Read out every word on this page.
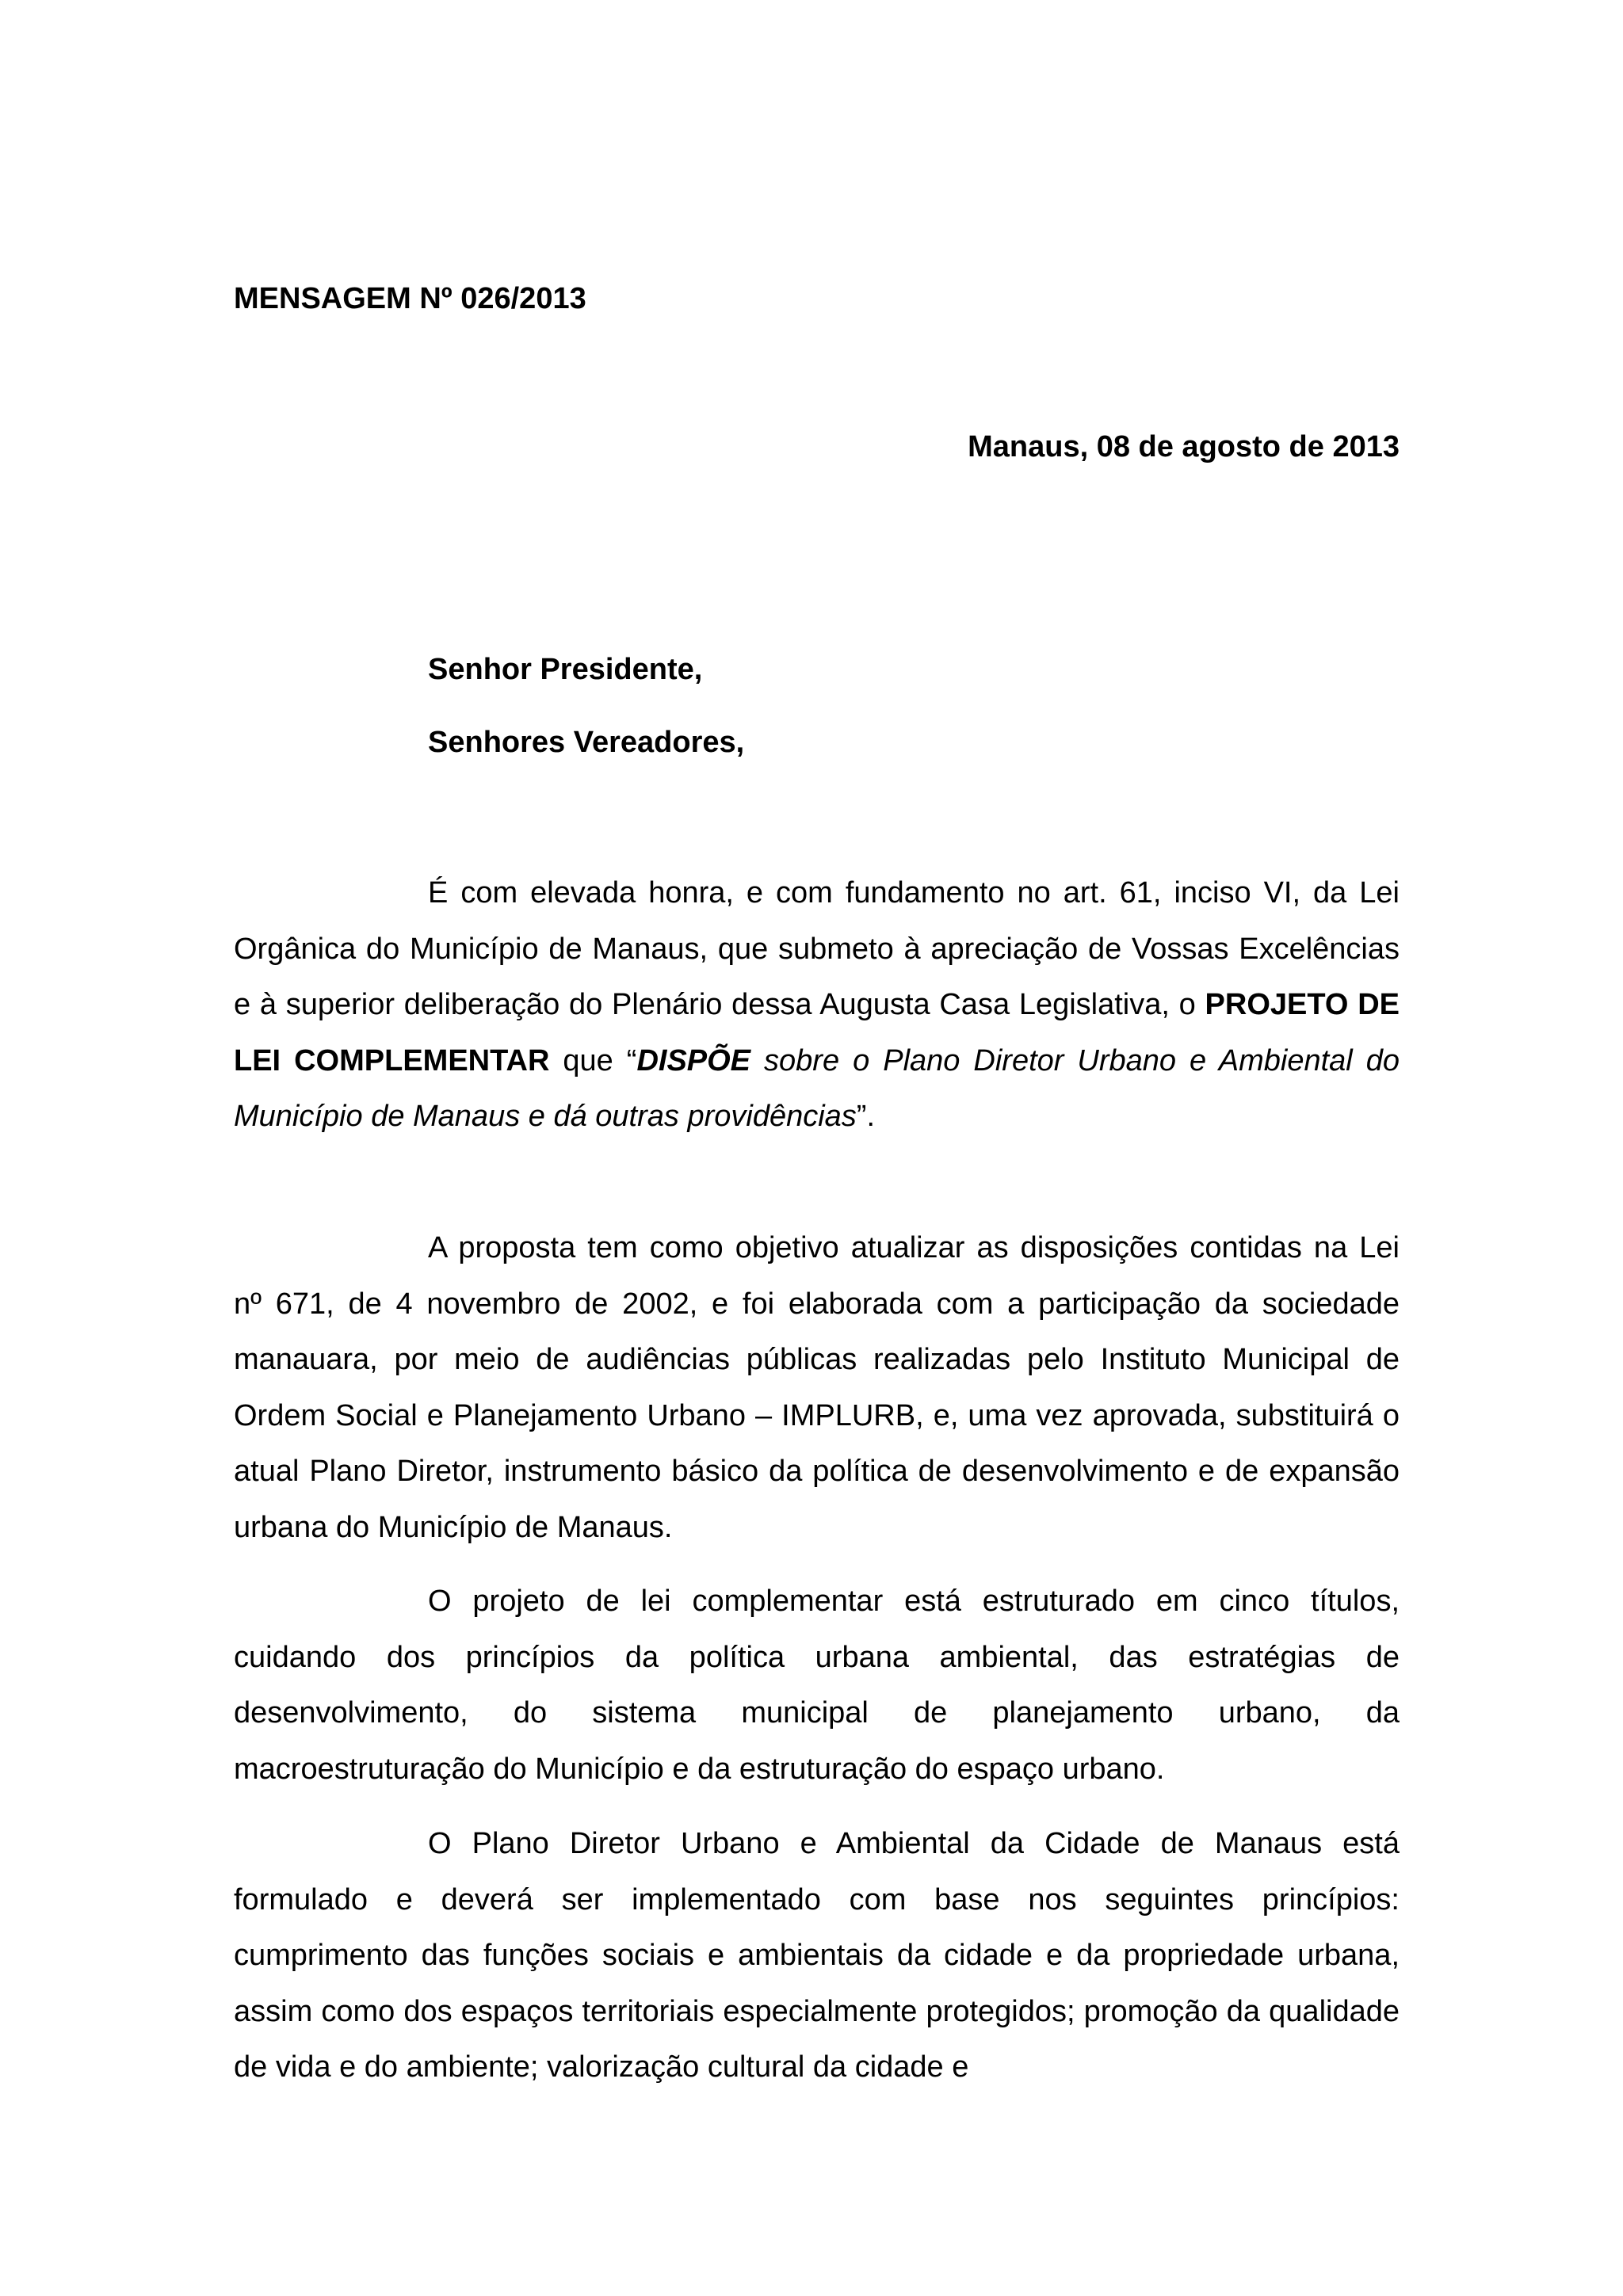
MENSAGEM Nº 026/2013
Manaus, 08 de agosto de 2013
Senhor Presidente,
Senhores Vereadores,

É com elevada honra, e com fundamento no art. 61, inciso VI, da Lei Orgânica do Município de Manaus, que submeto à apreciação de Vossas Excelências e à superior deliberação do Plenário dessa Augusta Casa Legislativa, o PROJETO DE LEI COMPLEMENTAR que “DISPÕE sobre o Plano Diretor Urbano e Ambiental do Município de Manaus e dá outras providências”.

A proposta tem como objetivo atualizar as disposições contidas na Lei nº 671, de 4 novembro de 2002, e foi elaborada com a participação da sociedade manauara, por meio de audiências públicas realizadas pelo Instituto Municipal de Ordem Social e Planejamento Urbano – IMPLURB, e, uma vez aprovada, substituirá o atual Plano Diretor, instrumento básico da política de desenvolvimento e de expansão urbana do Município de Manaus.

O projeto de lei complementar está estruturado em cinco títulos, cuidando dos princípios da política urbana ambiental, das estratégias de desenvolvimento, do sistema municipal de planejamento urbano, da macroestruturação do Município e da estruturação do espaço urbano.

O Plano Diretor Urbano e Ambiental da Cidade de Manaus está formulado e deverá ser implementado com base nos seguintes princípios: cumprimento das funções sociais e ambientais da cidade e da propriedade urbana, assim como dos espaços territoriais especialmente protegidos; promoção da qualidade de vida e do ambiente; valorização cultural da cidade e
